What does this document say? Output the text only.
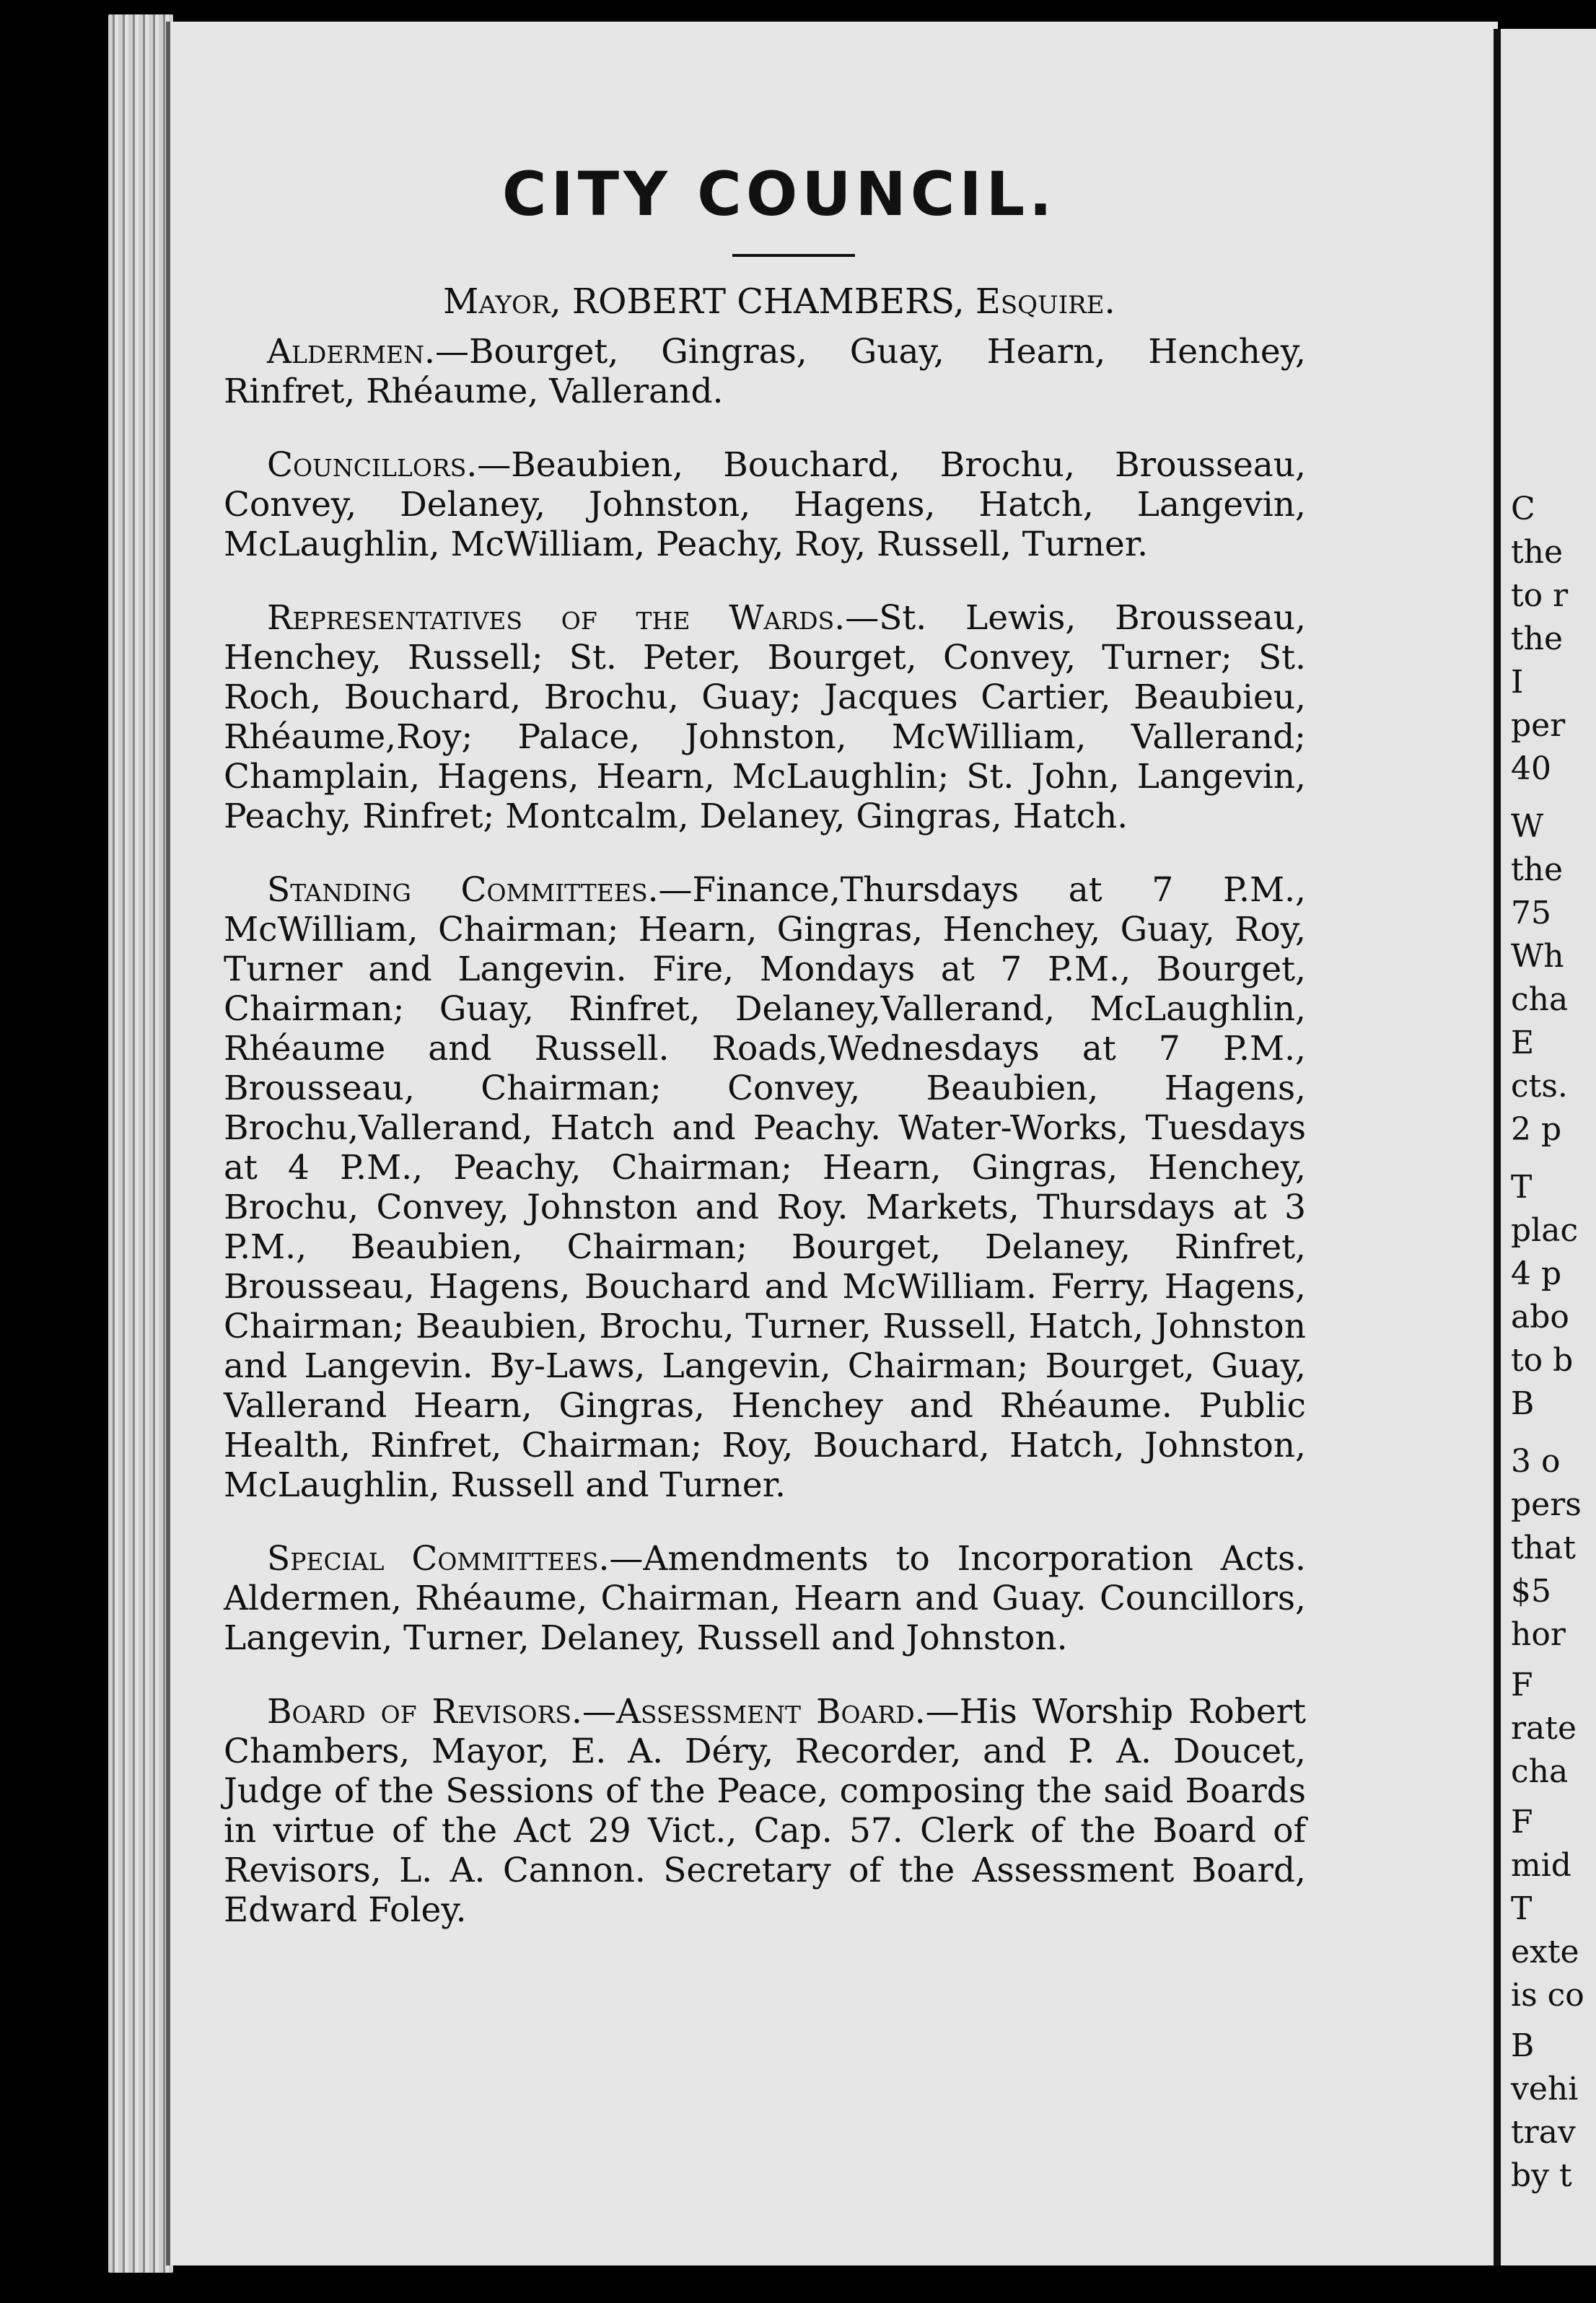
C
the
to r
the
I
per
40
W
the
75
Wh
cha
E
cts.
2 p
T
plac
4 p
abo
to b
B
3 o
pers
that
$5
hor
F
rate
cha
F
mid
T
exte
is co
B
vehi
trav
by t
CITY COUNCIL.
Mayor, ROBERT CHAMBERS, Esquire.

Aldermen.—Bourget, Gingras, Guay, Hearn, Henchey, Rinfret, Rhéaume, Vallerand.

Councillors.—Beaubien, Bouchard, Brochu, Brousseau, Convey, Delaney, Johnston, Hagens, Hatch, Langevin, McLaughlin, McWilliam, Peachy, Roy, Russell, Turner.

Representatives of the Wards.—St. Lewis, Brousseau, Henchey, Russell; St. Peter, Bourget, Convey, Turner; St. Roch, Bouchard, Brochu, Guay; Jacques Cartier, Beaubieu, Rhéaume,Roy; Palace, Johnston, McWilliam, Vallerand; Champlain, Hagens, Hearn, McLaughlin; St. John, Langevin, Peachy, Rinfret; Montcalm, Delaney, Gingras, Hatch.

Standing Committees.—Finance,Thursdays at 7 P.M., McWilliam, Chairman; Hearn, Gingras, Henchey, Guay, Roy, Turner and Langevin. Fire, Mondays at 7 P.M., Bourget, Chairman; Guay, Rinfret, Delaney,Vallerand, McLaughlin, Rhéaume and Russell. Roads,Wednesdays at 7 P.M., Brousseau, Chairman; Convey, Beaubien, Hagens, Brochu,Vallerand, Hatch and Peachy. Water-Works, Tuesdays at 4 P.M., Peachy, Chairman; Hearn, Gingras, Henchey, Brochu, Convey, Johnston and Roy. Markets, Thursdays at 3 P.M., Beaubien, Chairman; Bourget, Delaney, Rinfret, Brousseau, Hagens, Bouchard and McWilliam. Ferry, Hagens, Chairman; Beaubien, Brochu, Turner, Russell, Hatch, Johnston and Langevin. By-Laws, Langevin, Chairman; Bourget, Guay, Vallerand Hearn, Gingras, Henchey and Rhéaume. Public Health, Rinfret, Chairman; Roy, Bouchard, Hatch, Johnston, McLaughlin, Russell and Turner.

Special Committees.—Amendments to Incorporation Acts. Aldermen, Rhéaume, Chairman, Hearn and Guay. Councillors, Langevin, Turner, Delaney, Russell and Johnston.

Board of Revisors.—Assessment Board.—His Worship Robert Chambers, Mayor, E. A. Déry, Recorder, and P. A. Doucet, Judge of the Sessions of the Peace, composing the said Boards in virtue of the Act 29 Vict., Cap. 57. Clerk of the Board of Revisors, L. A. Cannon. Secretary of the Assessment Board, Edward Foley.
